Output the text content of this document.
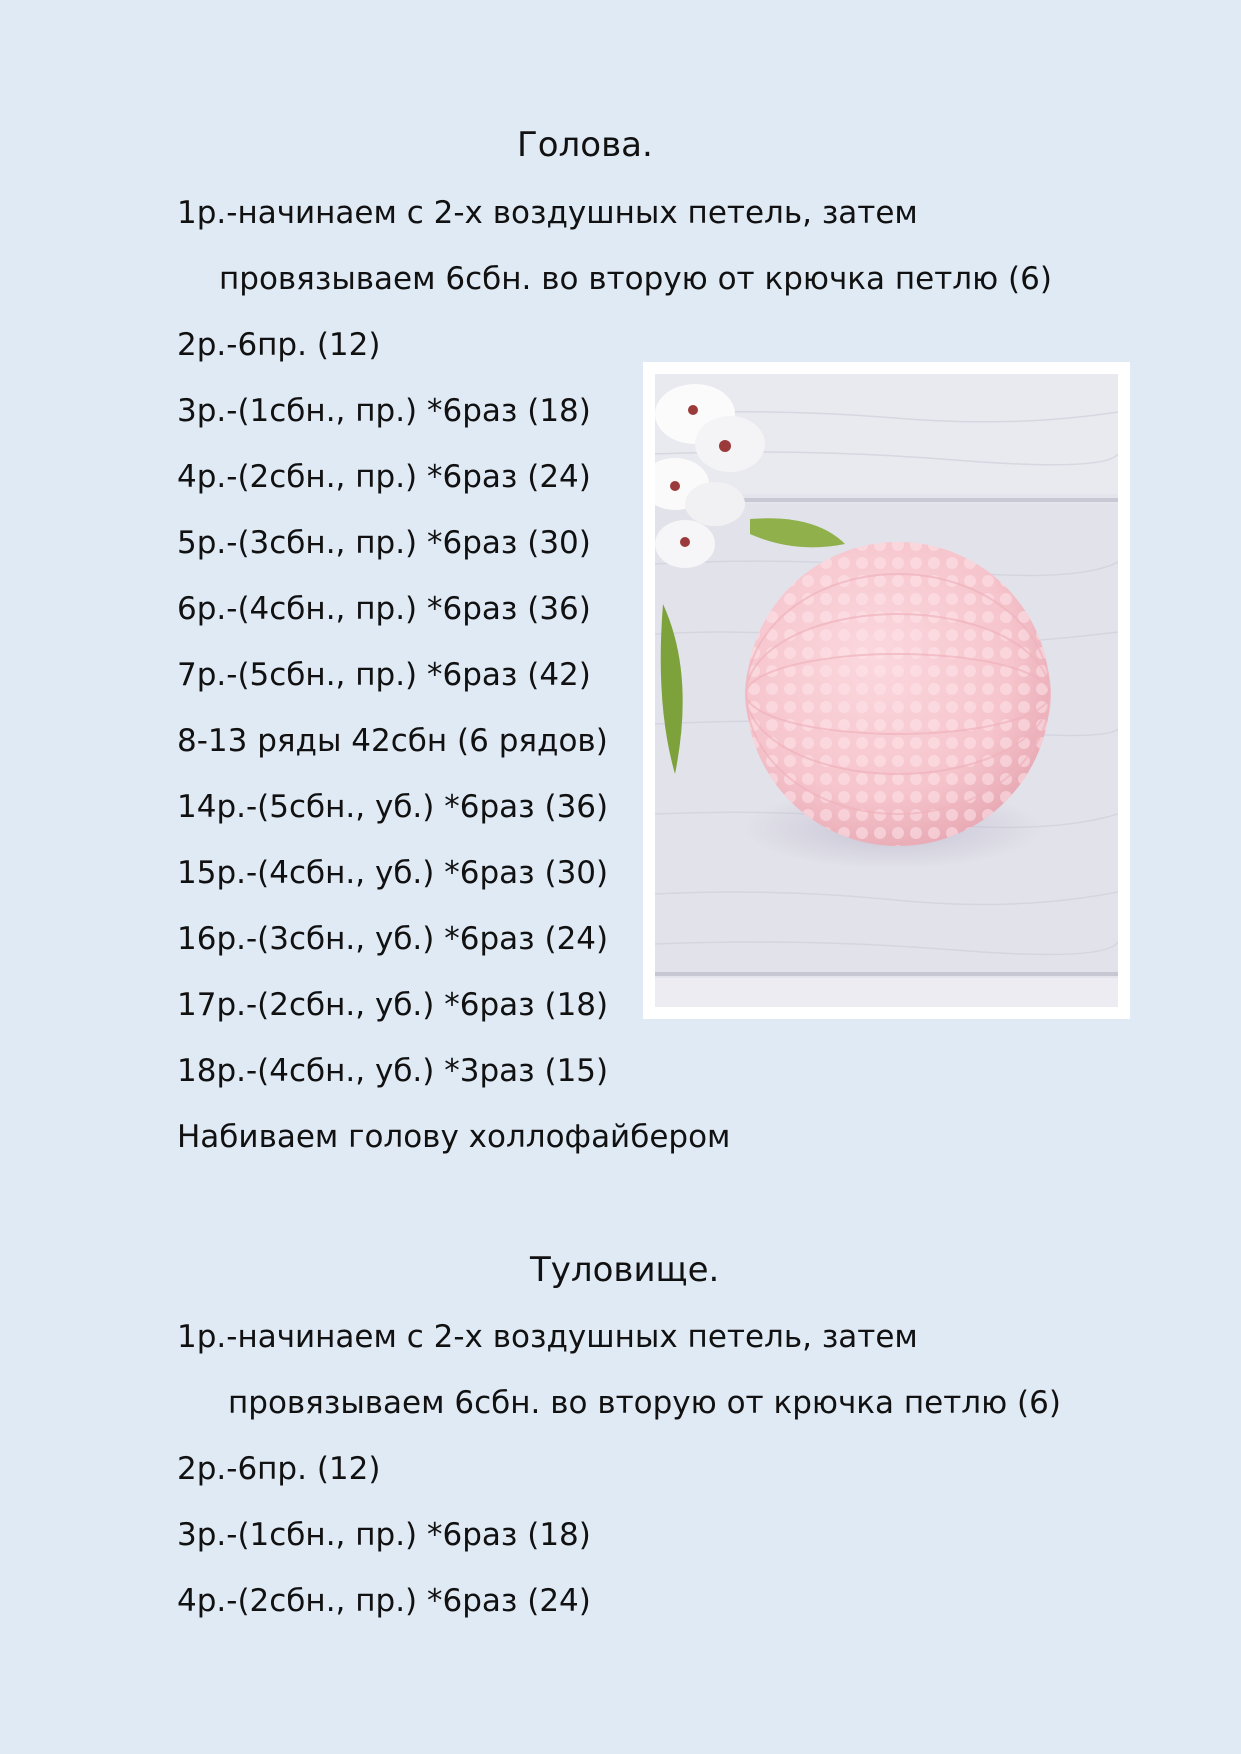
Голова.
1р.-начинаем с 2-х воздушных петель, затем
провязываем 6сбн. во вторую от крючка петлю (6)
2р.-6пр. (12)
3р.-(1сбн., пр.) *6раз (18)
4р.-(2сбн., пр.) *6раз (24)
5р.-(3сбн., пр.) *6раз (30)
6р.-(4сбн., пр.) *6раз (36)
7р.-(5сбн., пр.) *6раз (42)
8-13 ряды 42сбн (6 рядов)
14р.-(5сбн., уб.) *6раз (36)
15р.-(4сбн., уб.) *6раз (30)
16р.-(3сбн., уб.) *6раз (24)
17р.-(2сбн., уб.) *6раз (18)
18р.-(4сбн., уб.) *3раз (15)
Набиваем голову холлофайбером
Туловище.
1р.-начинаем с 2-х воздушных петель, затем
провязываем 6сбн. во вторую от крючка петлю (6)
2р.-6пр. (12)
3р.-(1сбн., пр.) *6раз (18)
4р.-(2сбн., пр.) *6раз (24)
